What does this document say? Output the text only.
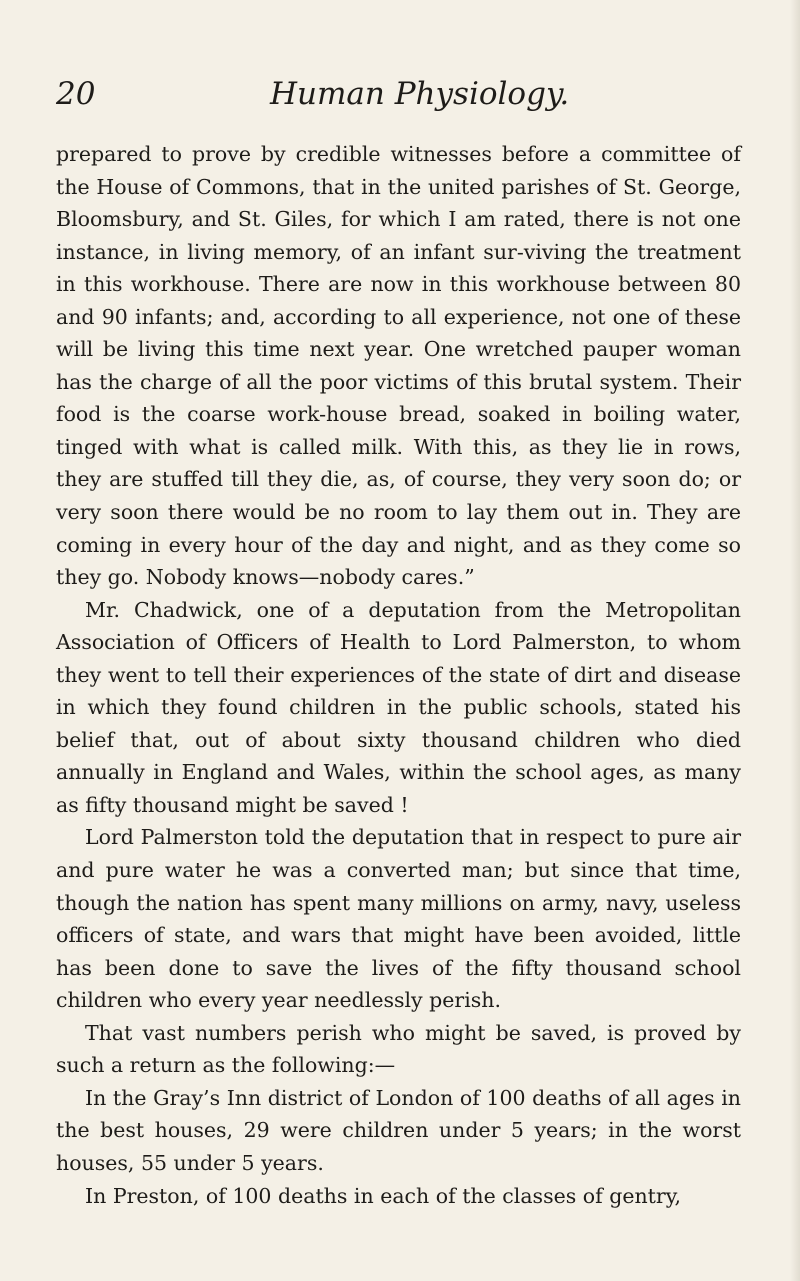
20	Human Physiology.

prepared to prove by credible witnesses before a committee of the House of Commons, that in the united parishes of St. George, Bloomsbury, and St. Giles, for which I am rated, there is not one instance, in living memory, of an infant sur-viving the treatment in this workhouse. There are now in this workhouse between 80 and 90 infants; and, according to all experience, not one of these will be living this time next year. One wretched pauper woman has the charge of all the poor victims of this brutal system. Their food is the coarse work-house bread, soaked in boiling water, tinged with what is called milk. With this, as they lie in rows, they are stuffed till they die, as, of course, they very soon do; or very soon there would be no room to lay them out in. They are coming in every hour of the day and night, and as they come so they go. Nobody knows—nobody cares.”

Mr. Chadwick, one of a deputation from the Metropolitan Association of Officers of Health to Lord Palmerston, to whom they went to tell their experiences of the state of dirt and disease in which they found children in the public schools, stated his belief that, out of about sixty thousand children who died annually in England and Wales, within the school ages, as many as fifty thousand might be saved !

Lord Palmerston told the deputation that in respect to pure air and pure water he was a converted man; but since that time, though the nation has spent many millions on army, navy, useless officers of state, and wars that might have been avoided, little has been done to save the lives of the fifty thousand school children who every year needlessly perish.

That vast numbers perish who might be saved, is proved by such a return as the following:—

In the Gray’s Inn district of London of 100 deaths of all ages in the best houses, 29 were children under 5 years; in the worst houses, 55 under 5 years.

In Preston, of 100 deaths in each of the classes of gentry,
